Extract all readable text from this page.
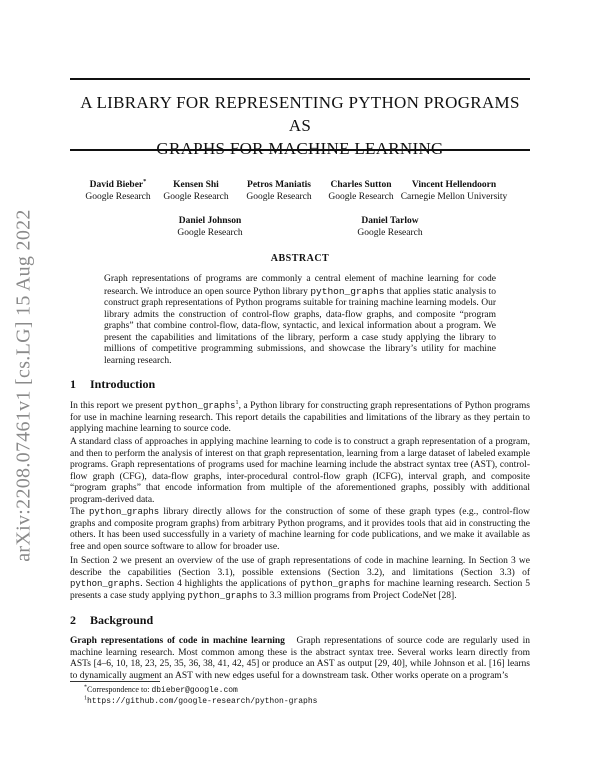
arXiv:2208.07461v1 [cs.LG] 15 Aug 2022
A LIBRARY FOR REPRESENTING PYTHON PROGRAMS AS
GRAPHS FOR MACHINE LEARNING
David Bieber*
Google Research
Kensen Shi
Google Research
Petros Maniatis
Google Research
Charles Sutton
Google Research
Vincent Hellendoorn
Carnegie Mellon University
Daniel Johnson
Google Research
Daniel Tarlow
Google Research
ABSTRACT
Graph representations of programs are commonly a central element of machine learning for code research. We introduce an open source Python library python_graphs that applies static analysis to construct graph representations of Python programs suitable for training machine learning models. Our library admits the construction of control-flow graphs, data-flow graphs, and composite “program graphs” that combine control-flow, data-flow, syntactic, and lexical information about a program. We present the capabilities and limitations of the library, perform a case study applying the library to millions of competitive programming submissions, and showcase the library’s utility for machine learning research.
1 Introduction
In this report we present python_graphs$^1$, a Python library for constructing graph representations of Python programs for use in machine learning research. This report details the capabilities and limitations of the library as they pertain to applying machine learning to source code.
A standard class of approaches in applying machine learning to code is to construct a graph representation of a program, and then to perform the analysis of interest on that graph representation, learning from a large dataset of labeled example programs. Graph representations of programs used for machine learning include the abstract syntax tree (AST), control-flow graph (CFG), data-flow graphs, inter-procedural control-flow graph (ICFG), interval graph, and composite “program graphs” that encode information from multiple of the aforementioned graphs, possibly with additional program-derived data.
The python_graphs library directly allows for the construction of some of these graph types (e.g., control-flow graphs and composite program graphs) from arbitrary Python programs, and it provides tools that aid in constructing the others. It has been used successfully in a variety of machine learning for code publications, and we make it available as free and open source software to allow for broader use.
In Section 2 we present an overview of the use of graph representations of code in machine learning. In Section 3 we describe the capabilities (Section 3.1), possible extensions (Section 3.2), and limitations (Section 3.3) of python_graphs. Section 4 highlights the applications of python_graphs for machine learning research. Section 5 presents a case study applying python_graphs to 3.3 million programs from Project CodeNet [28].
2 Background
Graph representations of code in machine learning Graph representations of source code are regularly used in machine learning research. Most common among these is the abstract syntax tree. Several works learn directly from ASTs [4–6, 10, 18, 23, 25, 35, 36, 38, 41, 42, 45] or produce an AST as output [29, 40], while Johnson et al. [16] learns to dynamically augment an AST with new edges useful for a downstream task. Other works operate on a program’s
*Correspondence to: dbieber@google.com
$^1$https://github.com/google-research/python-graphs
